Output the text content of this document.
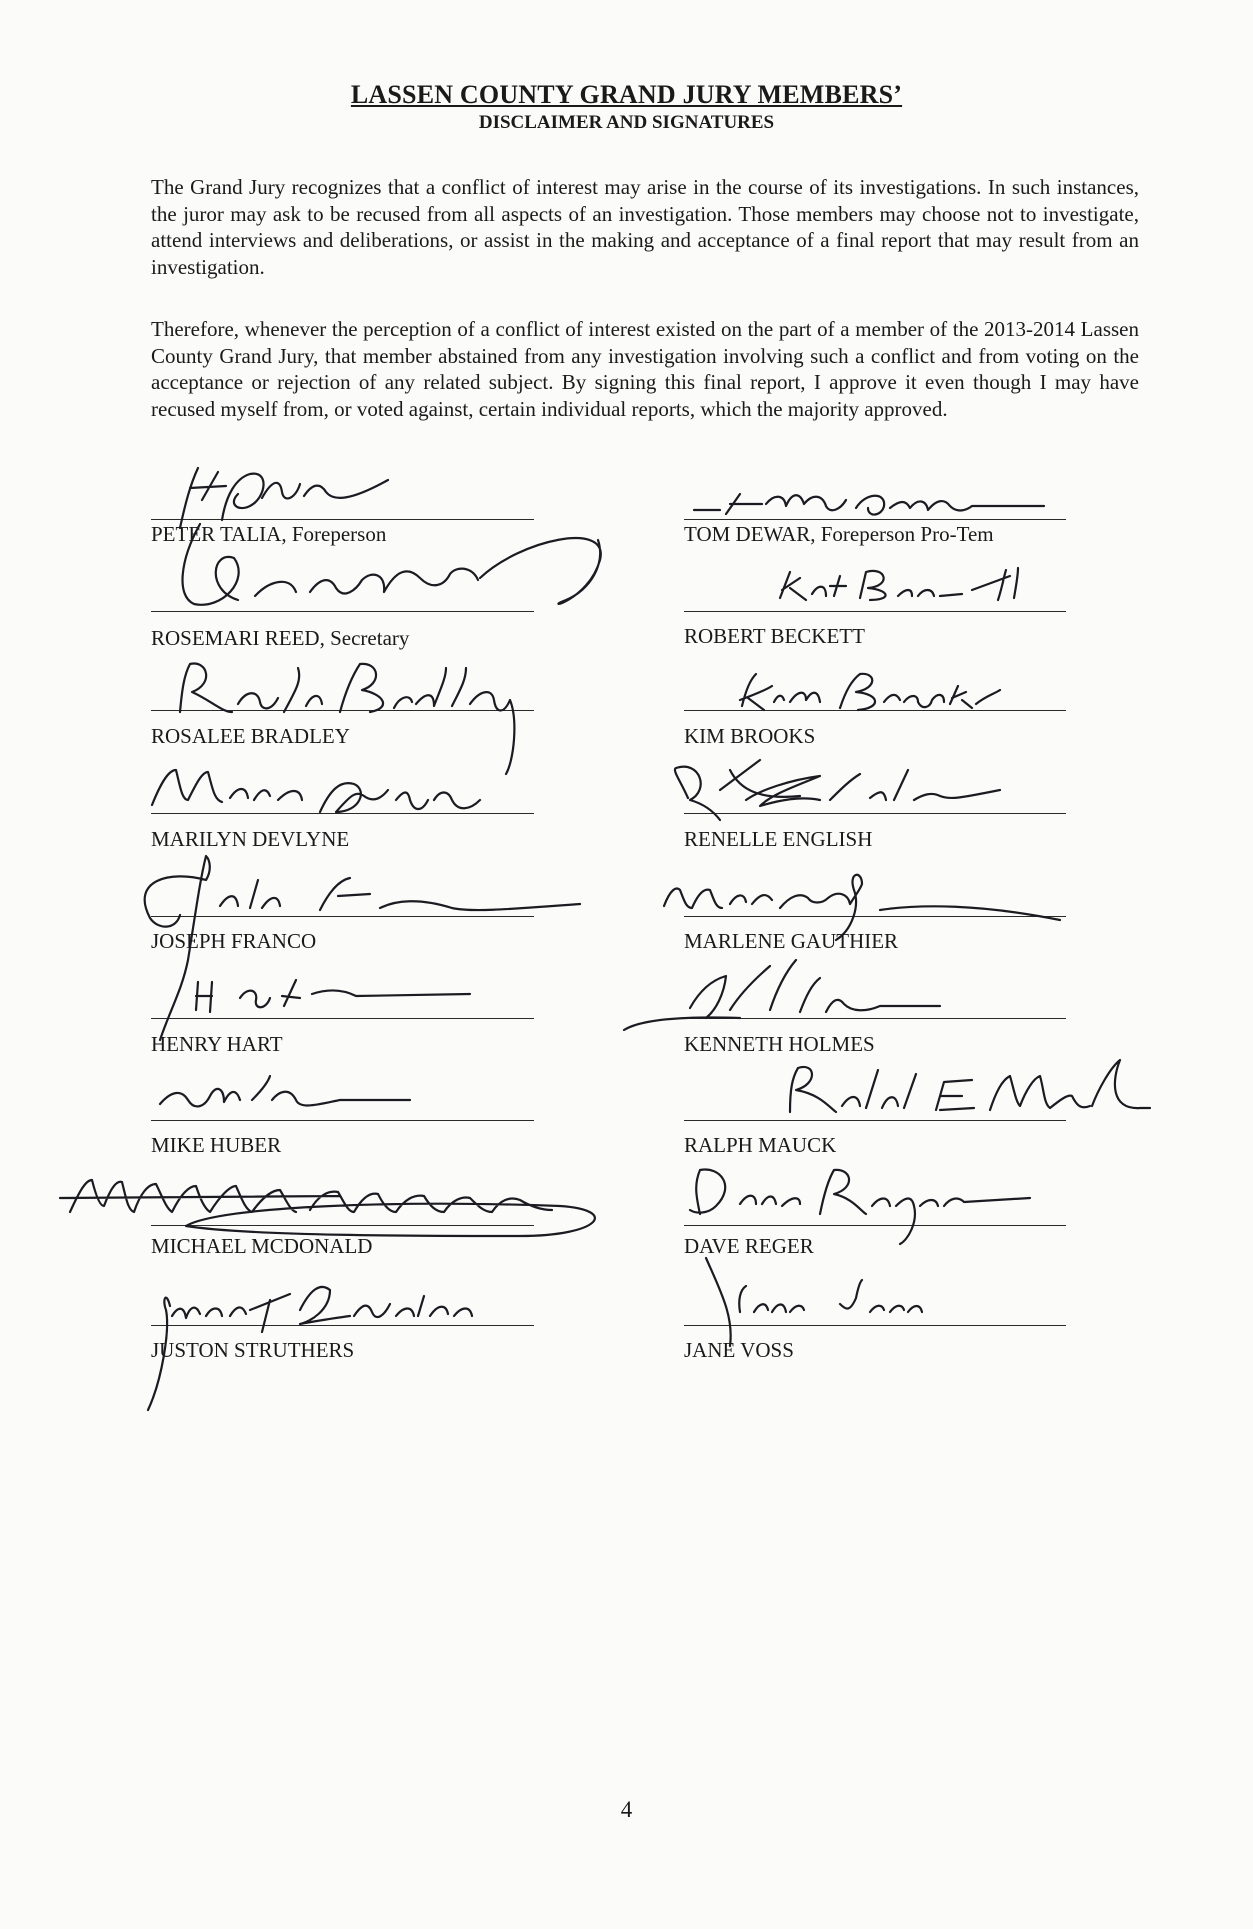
LASSEN COUNTY GRAND JURY MEMBERS’
DISCLAIMER AND SIGNATURES
The Grand Jury recognizes that a conflict of interest may arise in the course of its investigations. In such instances, the juror may ask to be recused from all aspects of an investigation. Those members may choose not to investigate, attend interviews and deliberations, or assist in the making and acceptance of a final report that may result from an investigation.
Therefore, whenever the perception of a conflict of interest existed on the part of a member of the 2013-2014 Lassen County Grand Jury, that member abstained from any investigation involving such a conflict and from voting on the acceptance or rejection of any related subject. By signing this final report, I approve it even though I may have recused myself from, or voted against, certain individual reports, which the majority approved.
PETER TALIA, Foreperson
ROSEMARI REED, Secretary
ROSALEE BRADLEY
MARILYN DEVLYNE
JOSEPH FRANCO
HENRY HART
MIKE HUBER
MICHAEL MCDONALD
JUSTON STRUTHERS
TOM DEWAR, Foreperson Pro-Tem
ROBERT BECKETT
KIM BROOKS
RENELLE ENGLISH
MARLENE GAUTHIER
KENNETH HOLMES
RALPH MAUCK
DAVE REGER
JANE VOSS
4
